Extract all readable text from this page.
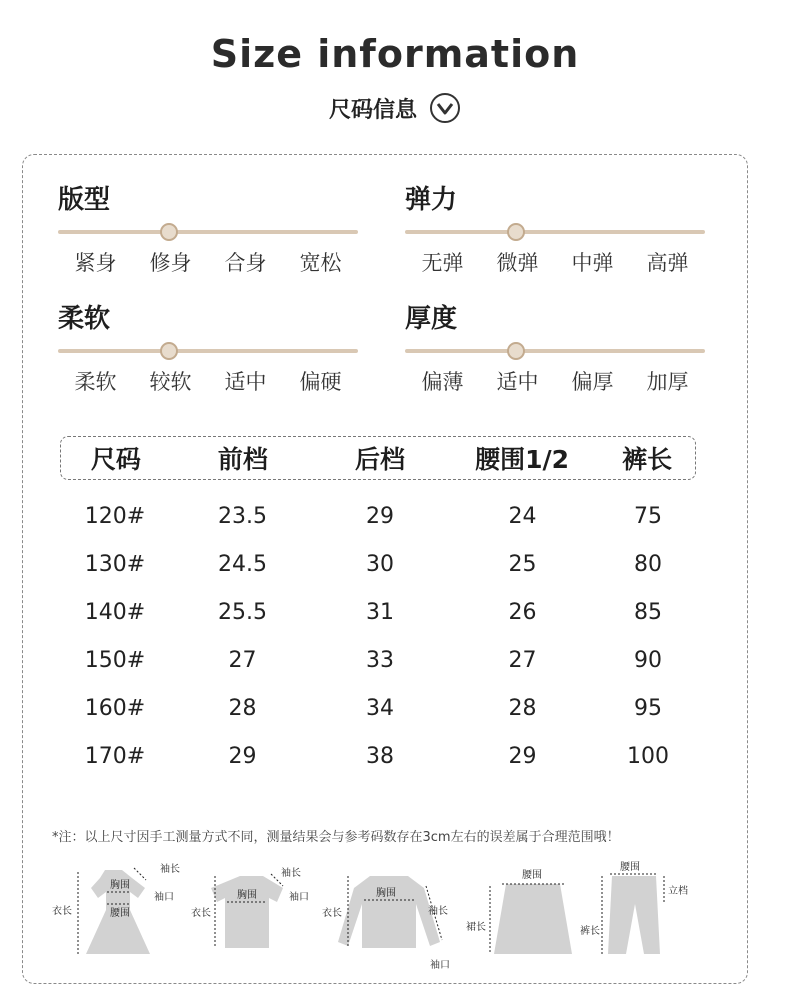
Size information
尺码信息
版型
紧身	修身	合身	宽松
弹力
无弹	微弹	中弹	高弹
柔软
柔软	较软	适中	偏硬
厚度
偏薄	适中	偏厚	加厚
尺码	前档	后档	腰围1/2	裤长
120#	23.5	29	24	75
130#	24.5	30	25	80
140#	25.5	31	26	85
150#	27	33	27	90
160#	28	34	28	95
170#	29	38	29	100
*注：以上尺寸因手工测量方式不同，测量结果会与参考码数存在3cm左右的误差属于合理范围哦！
袖长
胸围
袖口
衣长	腰围
袖长
胸围	袖口
衣长
胸围
衣长	袖长
袖口
腰围
裙长
腰围
立档
裤长
